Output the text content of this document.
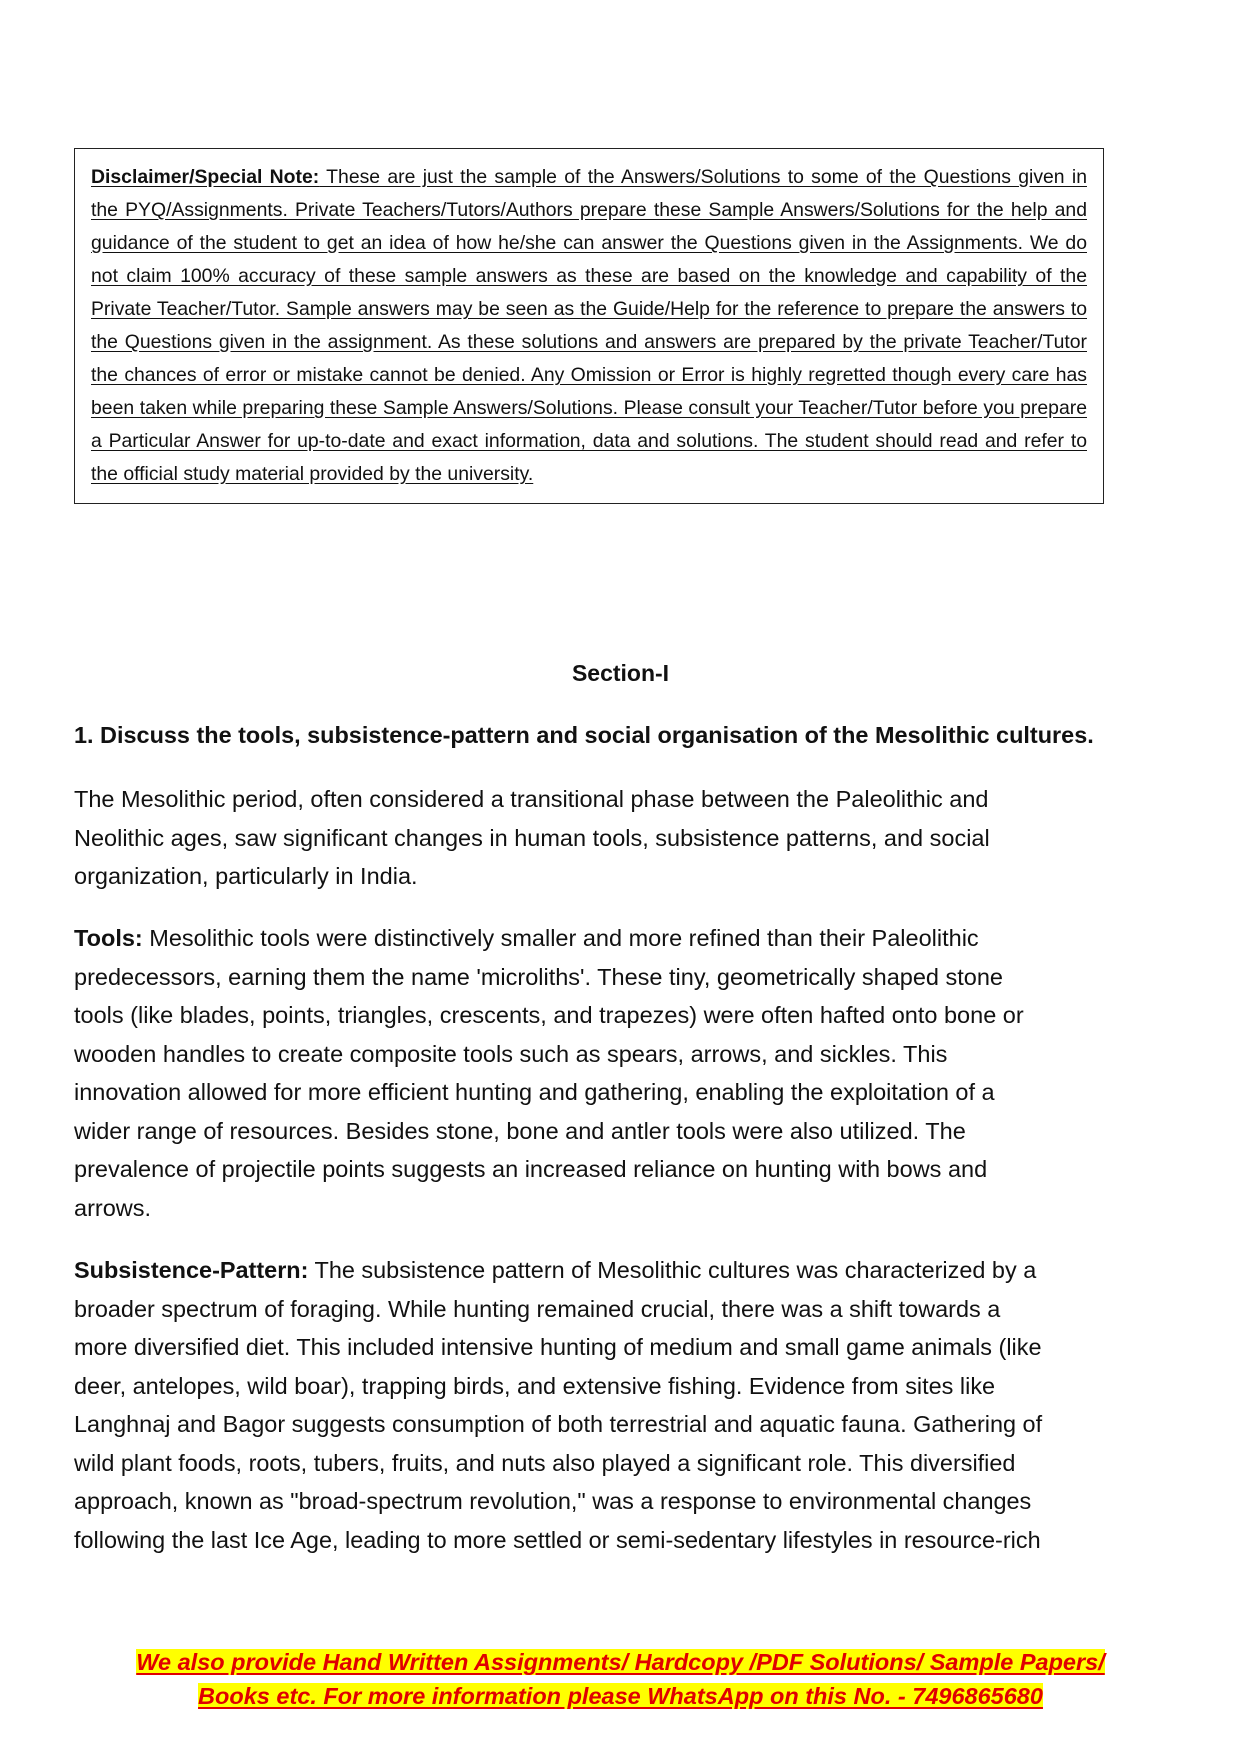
Disclaimer/Special Note: These are just the sample of the Answers/Solutions to some of the Questions given in the PYQ/Assignments. Private Teachers/Tutors/Authors prepare these Sample Answers/Solutions for the help and guidance of the student to get an idea of how he/she can answer the Questions given in the Assignments. We do not claim 100% accuracy of these sample answers as these are based on the knowledge and capability of the Private Teacher/Tutor. Sample answers may be seen as the Guide/Help for the reference to prepare the answers to the Questions given in the assignment. As these solutions and answers are prepared by the private Teacher/Tutor the chances of error or mistake cannot be denied. Any Omission or Error is highly regretted though every care has been taken while preparing these Sample Answers/Solutions. Please consult your Teacher/Tutor before you prepare a Particular Answer for up-to-date and exact information, data and solutions. The student should read and refer to the official study material provided by the university.
Section-I

1. Discuss the tools, subsistence-pattern and social organisation of the Mesolithic cultures.

The Mesolithic period, often considered a transitional phase between the Paleolithic and
Neolithic ages, saw significant changes in human tools, subsistence patterns, and social
organization, particularly in India.

Tools: Mesolithic tools were distinctively smaller and more refined than their Paleolithic
predecessors, earning them the name 'microliths'. These tiny, geometrically shaped stone
tools (like blades, points, triangles, crescents, and trapezes) were often hafted onto bone or
wooden handles to create composite tools such as spears, arrows, and sickles. This
innovation allowed for more efficient hunting and gathering, enabling the exploitation of a
wider range of resources. Besides stone, bone and antler tools were also utilized. The
prevalence of projectile points suggests an increased reliance on hunting with bows and
arrows.

Subsistence-Pattern: The subsistence pattern of Mesolithic cultures was characterized by a
broader spectrum of foraging. While hunting remained crucial, there was a shift towards a
more diversified diet. This included intensive hunting of medium and small game animals (like
deer, antelopes, wild boar), trapping birds, and extensive fishing. Evidence from sites like
Langhnaj and Bagor suggests consumption of both terrestrial and aquatic fauna. Gathering of
wild plant foods, roots, tubers, fruits, and nuts also played a significant role. This diversified
approach, known as "broad-spectrum revolution," was a response to environmental changes
following the last Ice Age, leading to more settled or semi-sedentary lifestyles in resource-rich

We also provide Hand Written Assignments/ Hardcopy /PDF Solutions/ Sample Papers/
Books etc. For more information please WhatsApp on this No. - 7496865680
